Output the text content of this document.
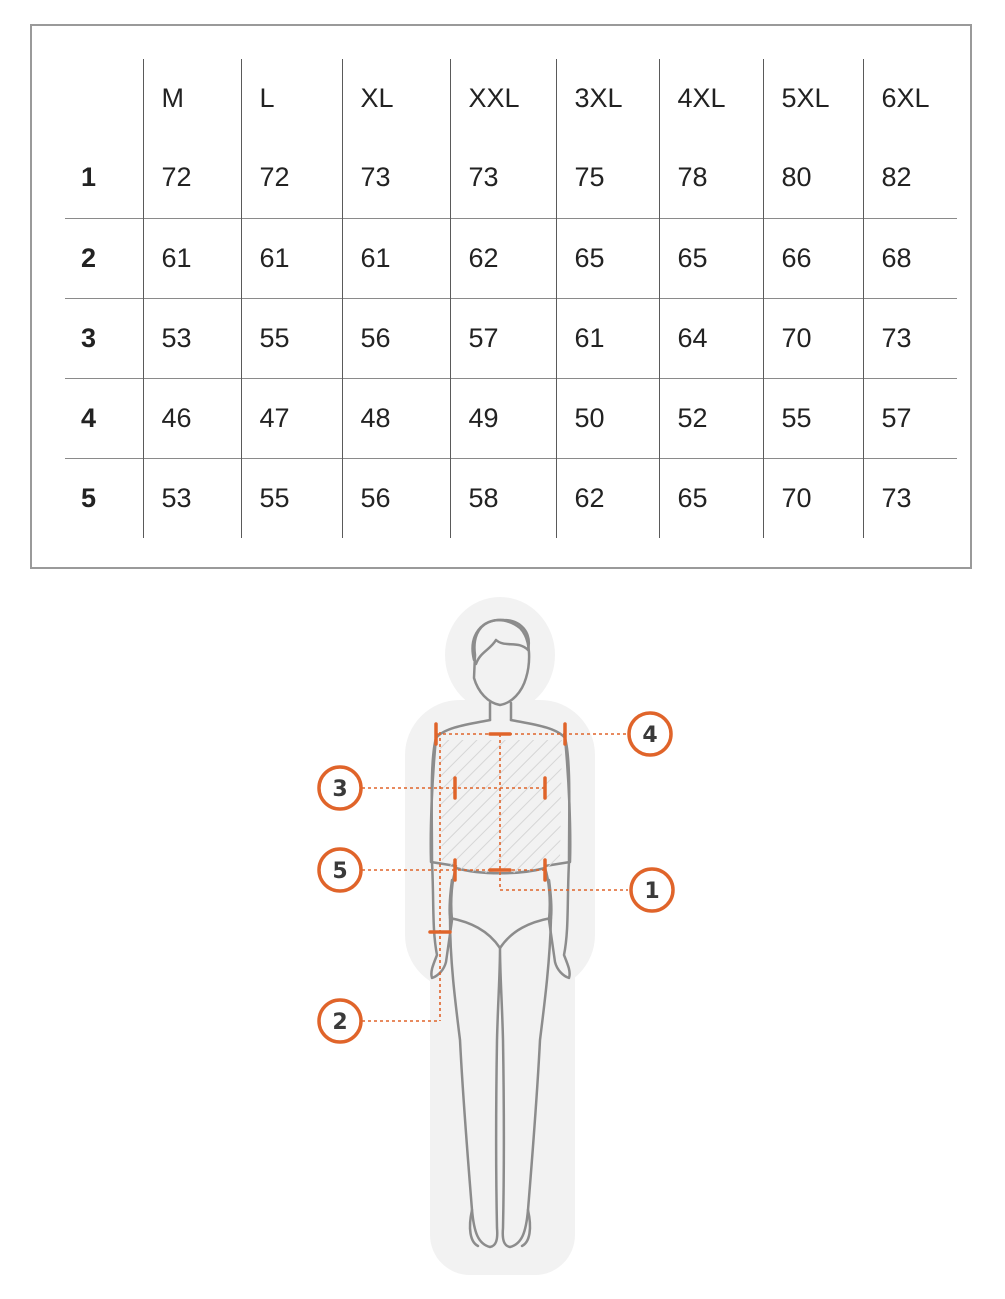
	M	L	XL	XXL	3XL	4XL	5XL	6XL
1	72	72	73	73	75	78	80	82
2	61	61	61	62	65	65	66	68
3	53	55	56	57	61	64	70	73
4	46	47	48	49	50	52	55	57
5	53	55	56	58	62	65	70	73
4
3
5
1
2
